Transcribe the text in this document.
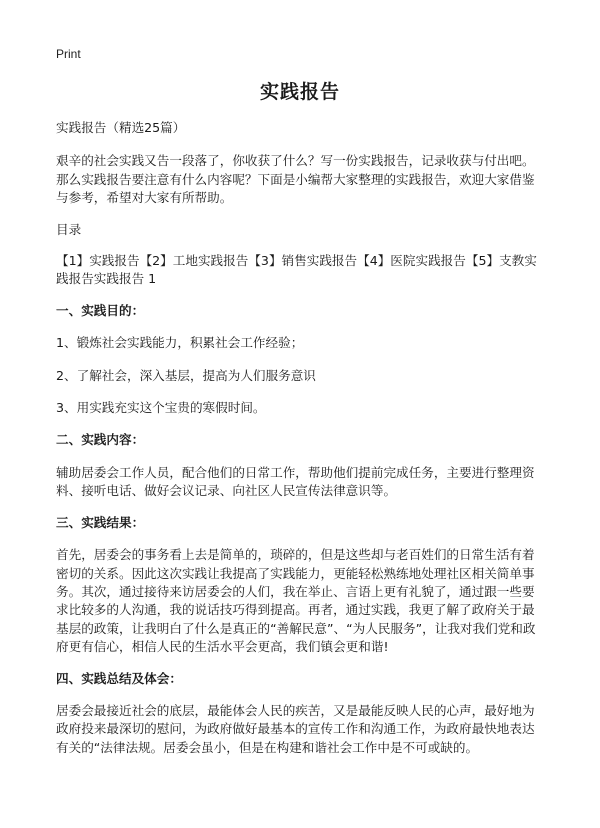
Print
实践报告

实践报告（精选25篇）

艰辛的社会实践又告一段落了，你收获了什么？写一份实践报告，记录收获与付出吧。那么实践报告要注意有什么内容呢？下面是小编帮大家整理的实践报告，欢迎大家借鉴与参考，希望对大家有所帮助。

目录

【1】实践报告【2】工地实践报告【3】销售实践报告【4】医院实践报告【5】支教实践报告实践报告 1

一、实践目的：

1、锻炼社会实践能力，积累社会工作经验；

2、了解社会，深入基层，提高为人们服务意识

3、用实践充实这个宝贵的寒假时间。

二、实践内容：

辅助居委会工作人员，配合他们的日常工作，帮助他们提前完成任务，主要进行整理资料、接听电话、做好会议记录、向社区人民宣传法律意识等。

三、实践结果：

首先，居委会的事务看上去是简单的，琐碎的，但是这些却与老百姓们的日常生活有着密切的关系。因此这次实践让我提高了实践能力，更能轻松熟练地处理社区相关简单事务。其次，通过接待来访居委会的人们，我在举止、言语上更有礼貌了，通过跟一些要求比较多的人沟通，我的说话技巧得到提高。再者，通过实践，我更了解了政府关于最基层的政策，让我明白了什么是真正的“善解民意”、“为人民服务”，让我对我们党和政府更有信心，相信人民的生活水平会更高，我们镇会更和谐!

四、实践总结及体会：

居委会最接近社会的底层，最能体会人民的疾苦，又是最能反映人民的心声，最好地为政府投来最深切的慰问，为政府做好最基本的宣传工作和沟通工作，为政府最快地表达有关的“法律法规。居委会虽小，但是在构建和谐社会工作中是不可或缺的。
